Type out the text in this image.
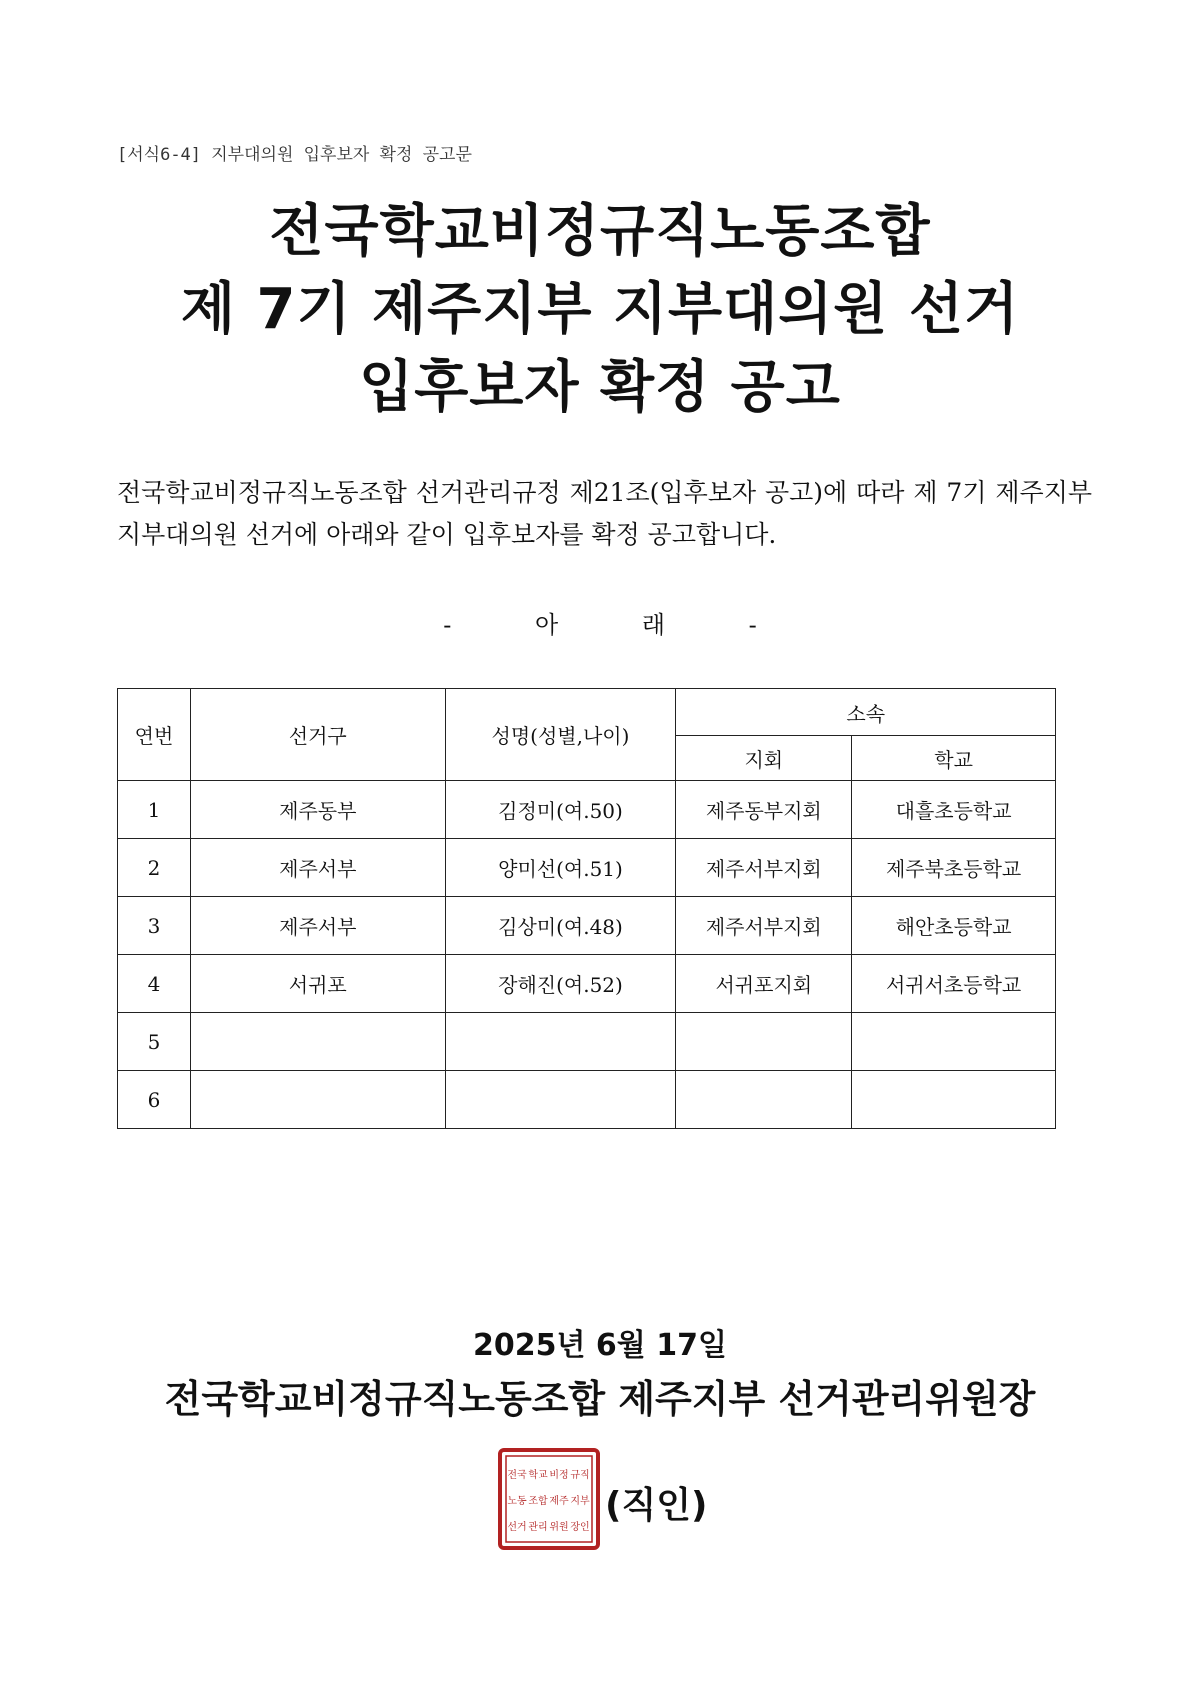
[서식6-4] 지부대의원 입후보자 확정 공고문
전국학교비정규직노동조합
제 7기 제주지부 지부대의원 선거
입후보자 확정 공고
전국학교비정규직노동조합 선거관리규정 제21조(입후보자 공고)에 따라 제 7기 제주지부 지부대의원 선거에 아래와 같이 입후보자를 확정 공고합니다.
-	아	래	-
연번	선거구	성명(성별,나이)	소속	
			지회	학교
1	제주동부	김정미(여.50)	제주동부지회	대흘초등학교
2	제주서부	양미선(여.51)	제주서부지회	제주북초등학교
3	제주서부	김상미(여.48)	제주서부지회	해안초등학교
4	서귀포	장해진(여.52)	서귀포지회	서귀서초등학교
5				
6				
2025년 6월 17일
전국학교비정규직노동조합 제주지부 선거관리위원장
전국 학교 비정 규직
노동 조합 제주 지부
선거 관리 위원 장인
(직인)
